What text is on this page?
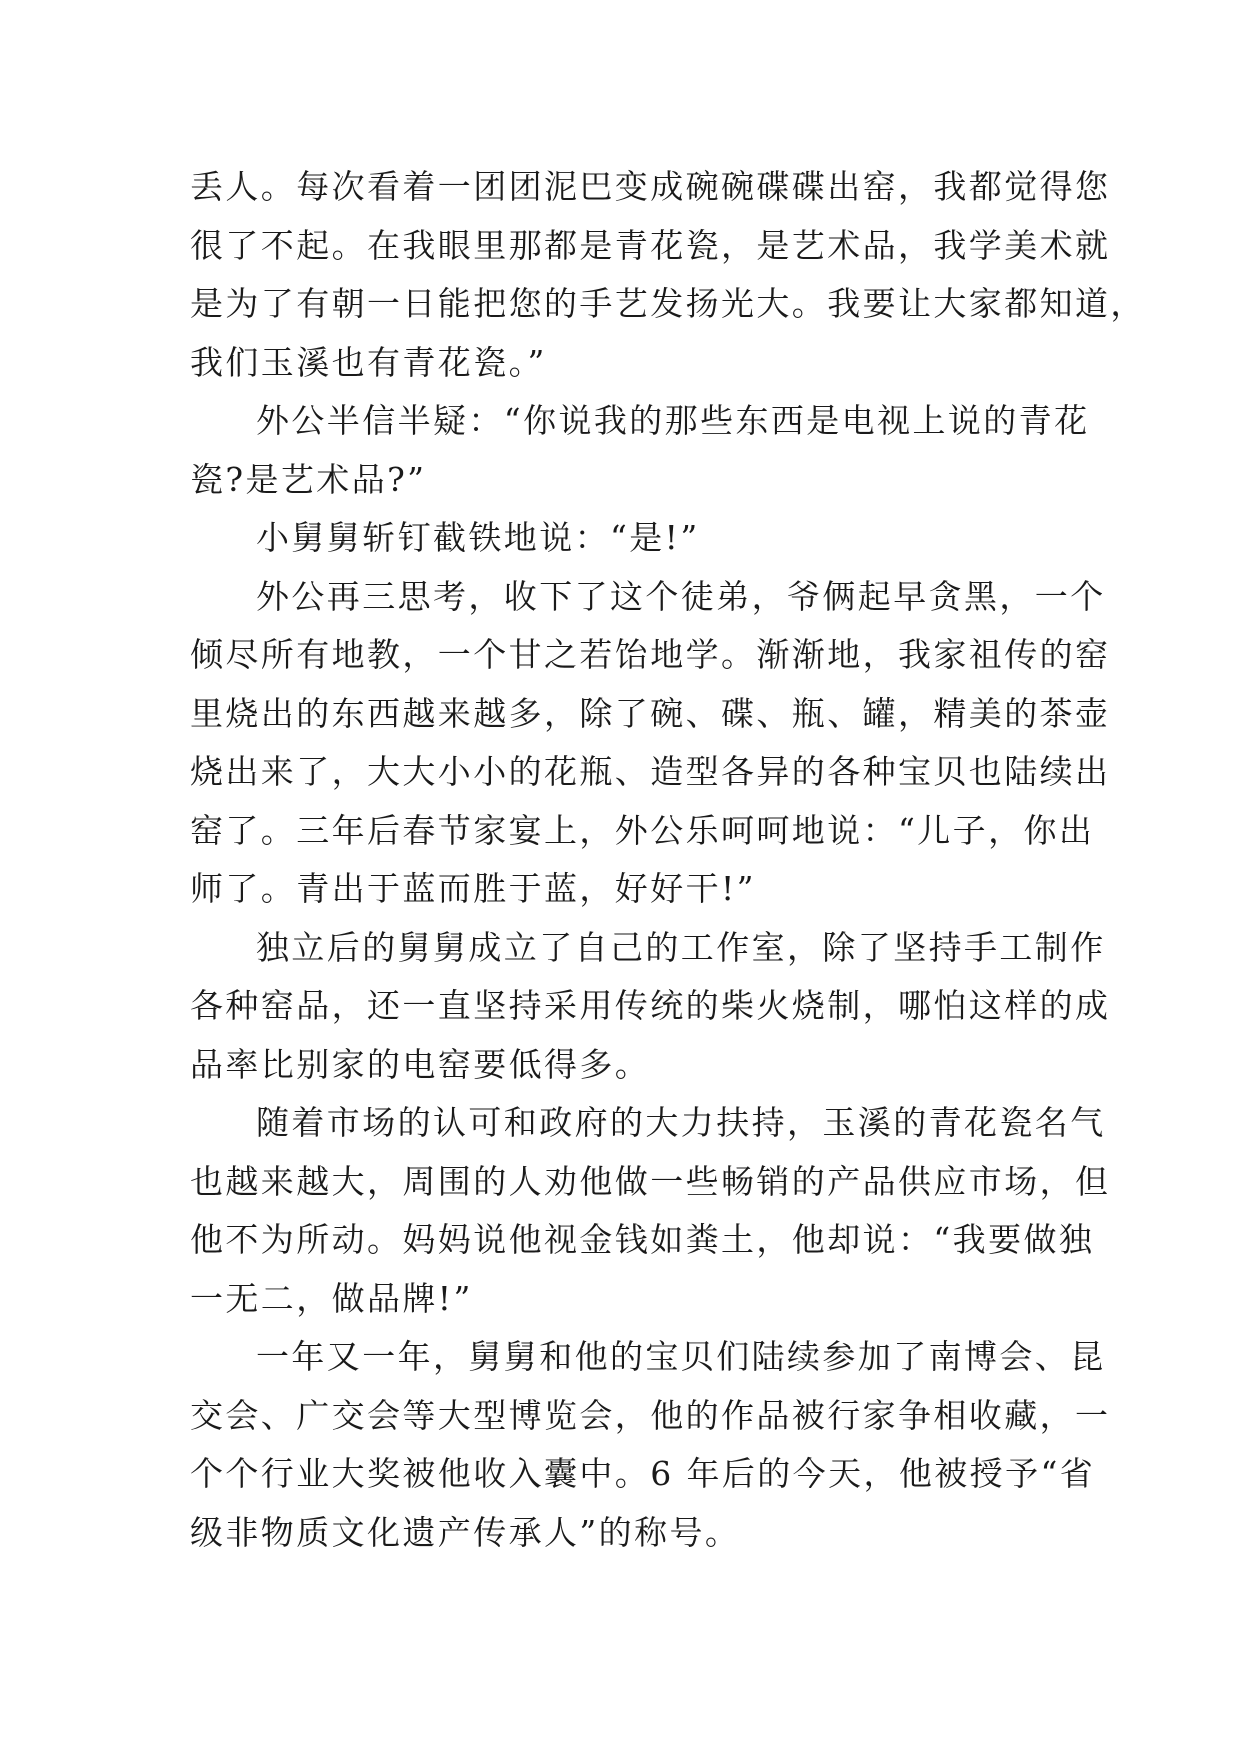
丢人。每次看着一团团泥巴变成碗碗碟碟出窑，我都觉得您
很了不起。在我眼里那都是青花瓷，是艺术品，我学美术就
是为了有朝一日能把您的手艺发扬光大。我要让大家都知道，
我们玉溪也有青花瓷。”
外公半信半疑：“你说我的那些东西是电视上说的青花
瓷?是艺术品?”
小舅舅斩钉截铁地说：“是!”
外公再三思考，收下了这个徒弟，爷俩起早贪黑，一个
倾尽所有地教，一个甘之若饴地学。渐渐地，我家祖传的窑
里烧出的东西越来越多，除了碗、碟、瓶、罐，精美的茶壶
烧出来了，大大小小的花瓶、造型各异的各种宝贝也陆续出
窑了。三年后春节家宴上，外公乐呵呵地说：“儿子，你出
师了。青出于蓝而胜于蓝，好好干!”
独立后的舅舅成立了自己的工作室，除了坚持手工制作
各种窑品，还一直坚持采用传统的柴火烧制，哪怕这样的成
品率比别家的电窑要低得多。
随着市场的认可和政府的大力扶持，玉溪的青花瓷名气
也越来越大，周围的人劝他做一些畅销的产品供应市场，但
他不为所动。妈妈说他视金钱如粪土，他却说：“我要做独
一无二，做品牌!”
一年又一年，舅舅和他的宝贝们陆续参加了南博会、昆
交会、广交会等大型博览会，他的作品被行家争相收藏，一
个个行业大奖被他收入囊中。6 年后的今天，他被授予“省
级非物质文化遗产传承人”的称号。
